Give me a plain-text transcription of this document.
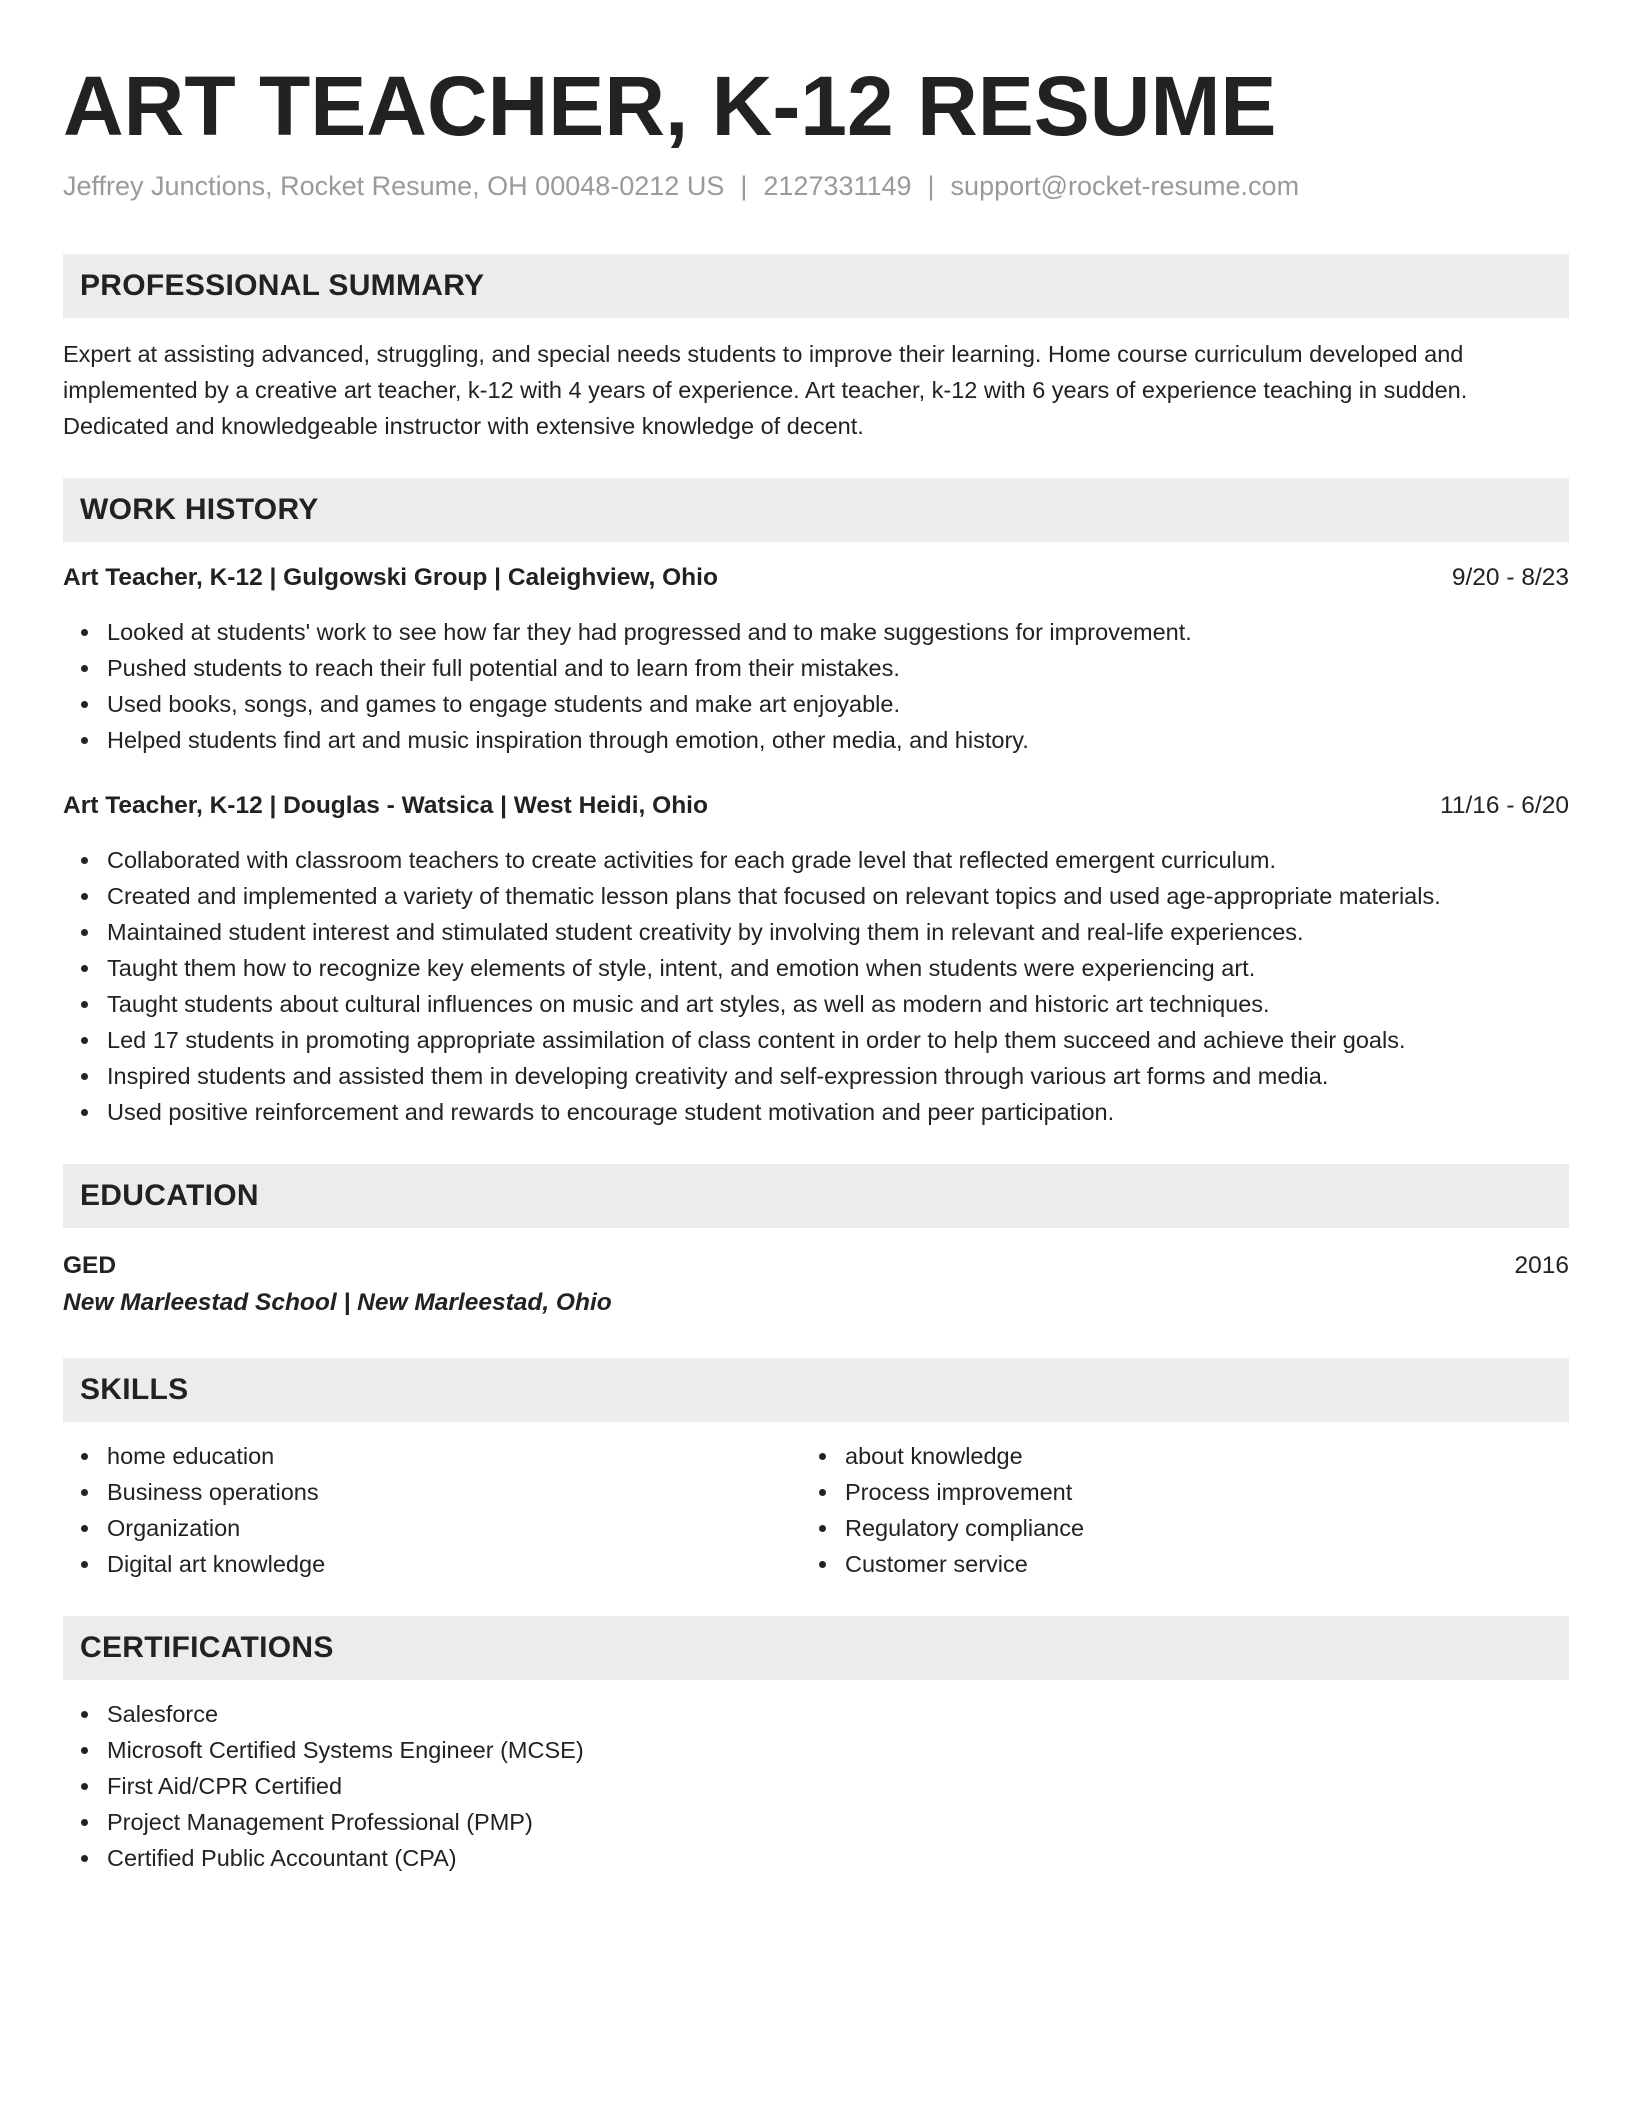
ART TEACHER, K-12 RESUME
Jeffrey Junctions, Rocket Resume, OH 00048-0212 US | 2127331149 | support@rocket-resume.com
PROFESSIONAL SUMMARY

Expert at assisting advanced, struggling, and special needs students to improve their learning. Home course curriculum developed and implemented by a creative art teacher, k-12 with 4 years of experience. Art teacher, k-12 with 6 years of experience teaching in sudden. Dedicated and knowledgeable instructor with extensive knowledge of decent.

WORK HISTORY
Art Teacher, K-12 | Gulgowski Group | Caleighview, Ohio	9/20 - 8/23
Looked at students' work to see how far they had progressed and to make suggestions for improvement.
Pushed students to reach their full potential and to learn from their mistakes.
Used books, songs, and games to engage students and make art enjoyable.
Helped students find art and music inspiration through emotion, other media, and history.
Art Teacher, K-12 | Douglas - Watsica | West Heidi, Ohio	11/16 - 6/20
Collaborated with classroom teachers to create activities for each grade level that reflected emergent curriculum.
Created and implemented a variety of thematic lesson plans that focused on relevant topics and used age-appropriate materials.
Maintained student interest and stimulated student creativity by involving them in relevant and real-life experiences.
Taught them how to recognize key elements of style, intent, and emotion when students were experiencing art.
Taught students about cultural influences on music and art styles, as well as modern and historic art techniques.
Led 17 students in promoting appropriate assimilation of class content in order to help them succeed and achieve their goals.
Inspired students and assisted them in developing creativity and self-expression through various art forms and media.
Used positive reinforcement and rewards to encourage student motivation and peer participation.
EDUCATION
GED	2016
New Marleestad School | New Marleestad, Ohio
SKILLS
home education
Business operations
Organization
Digital art knowledge
about knowledge
Process improvement
Regulatory compliance
Customer service
CERTIFICATIONS
Salesforce
Microsoft Certified Systems Engineer (MCSE)
First Aid/CPR Certified
Project Management Professional (PMP)
Certified Public Accountant (CPA)
